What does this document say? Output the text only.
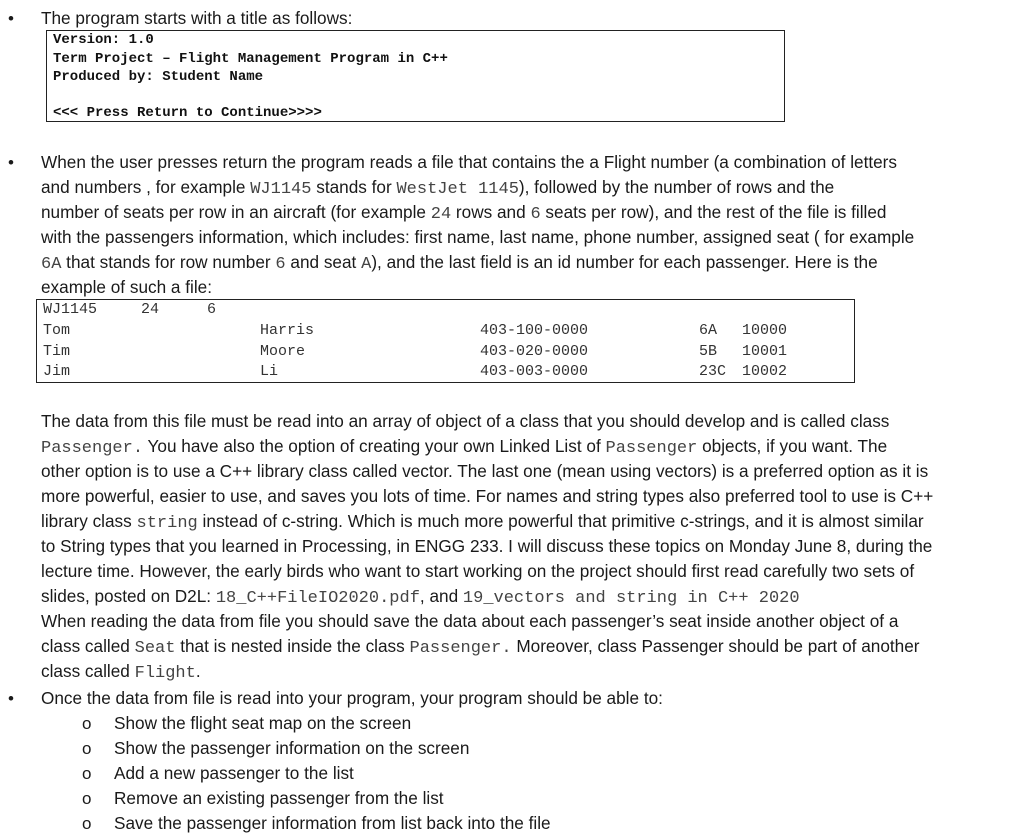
• The program starts with a title as follows:
Version: 1.0
Term Project – Flight Management Program in C++
Produced by: Student Name
<<< Press Return to Continue>>>>
• When the user presses return the program reads a file that contains the a Flight number (a combination of letters
and numbers , for example WJ1145 stands for WestJet 1145), followed by the number of rows and the
number of seats per row in an aircraft (for example 24 rows and 6 seats per row), and the rest of the file is filled
with the passengers information, which includes: first name, last name, phone number, assigned seat ( for example
6A that stands for row number 6 and seat A), and the last field is an id number for each passenger. Here is the
example of such a file:
WJ1145	24	6
Tom	Harris	403-100-0000	6A 10000
Tim	Moore	403-020-0000	5B 10001
Jim	Li	403-003-0000	23C 10002
The data from this file must be read into an array of object of a class that you should develop and is called class
Passenger. You have also the option of creating your own Linked List of Passenger objects, if you want. The
other option is to use a C++ library class called vector. The last one (mean using vectors) is a preferred option as it is
more powerful, easier to use, and saves you lots of time. For names and string types also preferred tool to use is C++
library class string instead of c-string. Which is much more powerful that primitive c-strings, and it is almost similar
to String types that you learned in Processing, in ENGG 233. I will discuss these topics on Monday June 8, during the
lecture time. However, the early birds who want to start working on the project should first read carefully two sets of
slides, posted on D2L: 18_C++FileIO2020.pdf, and 19_vectors and string in C++ 2020
When reading the data from file you should save the data about each passenger’s seat inside another object of a
class called Seat that is nested inside the class Passenger. Moreover, class Passenger should be part of another
class called Flight.
• Once the data from file is read into your program, your program should be able to:
o Show the flight seat map on the screen
o Show the passenger information on the screen
o Add a new passenger to the list
o Remove an existing passenger from the list
o Save the passenger information from list back into the file
